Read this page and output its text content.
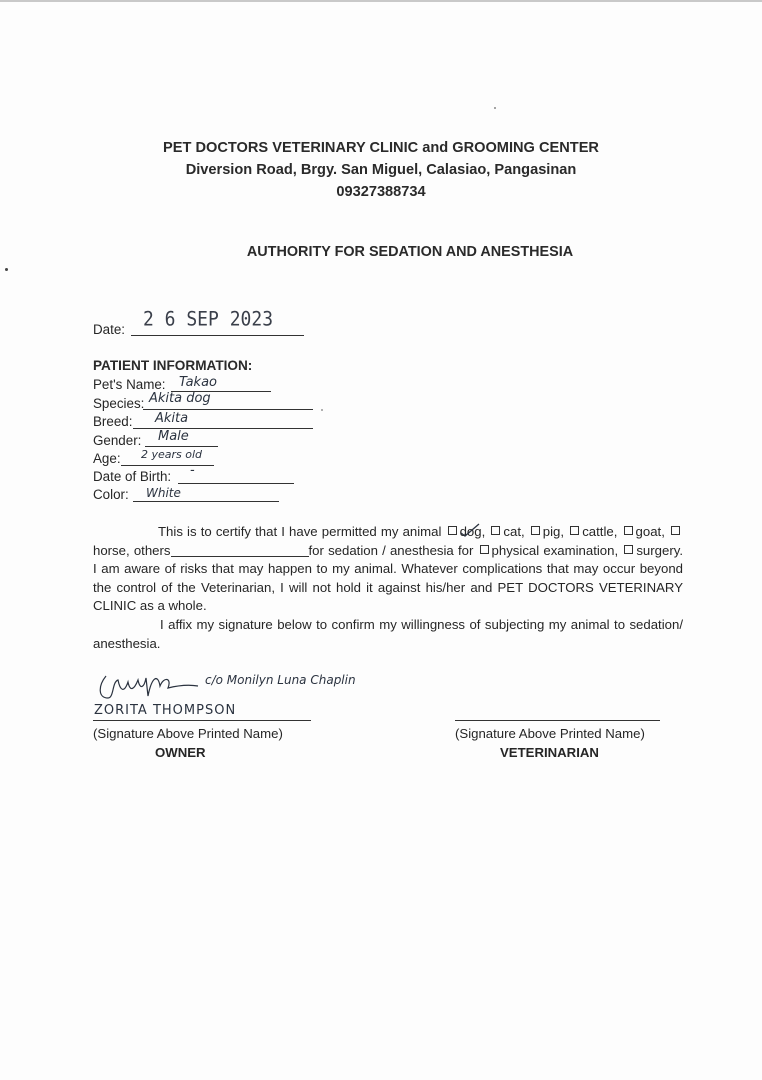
PET DOCTORS VETERINARY CLINIC and GROOMING CENTER
Diversion Road, Brgy. San Miguel, Calasiao, Pangasinan
09327388734
AUTHORITY FOR SEDATION AND ANESTHESIA
Date: 2 6 SEP 2023
PATIENT INFORMATION:
Pet's Name: Takao
Species: Akita dog
Breed: Akita
Gender: Male
Age: 2 years old
Date of Birth: -
Color: White
This is to certify that I have permitted my animal dog, cat, pig, cattle, goat, horse, others	for sedation / anesthesia for physical examination, surgery. I am aware of risks that may happen to my animal. Whatever complications that may occur beyond the control of the Veterinarian, I will not hold it against his/her and PET DOCTORS VETERINARY CLINIC as a whole.
I affix my signature below to confirm my willingness of subjecting my animal to sedation/ anesthesia.
c/o Monilyn Luna Chaplin
ZORITA THOMPSON
(Signature Above Printed Name)
OWNER
(Signature Above Printed Name)
VETERINARIAN
